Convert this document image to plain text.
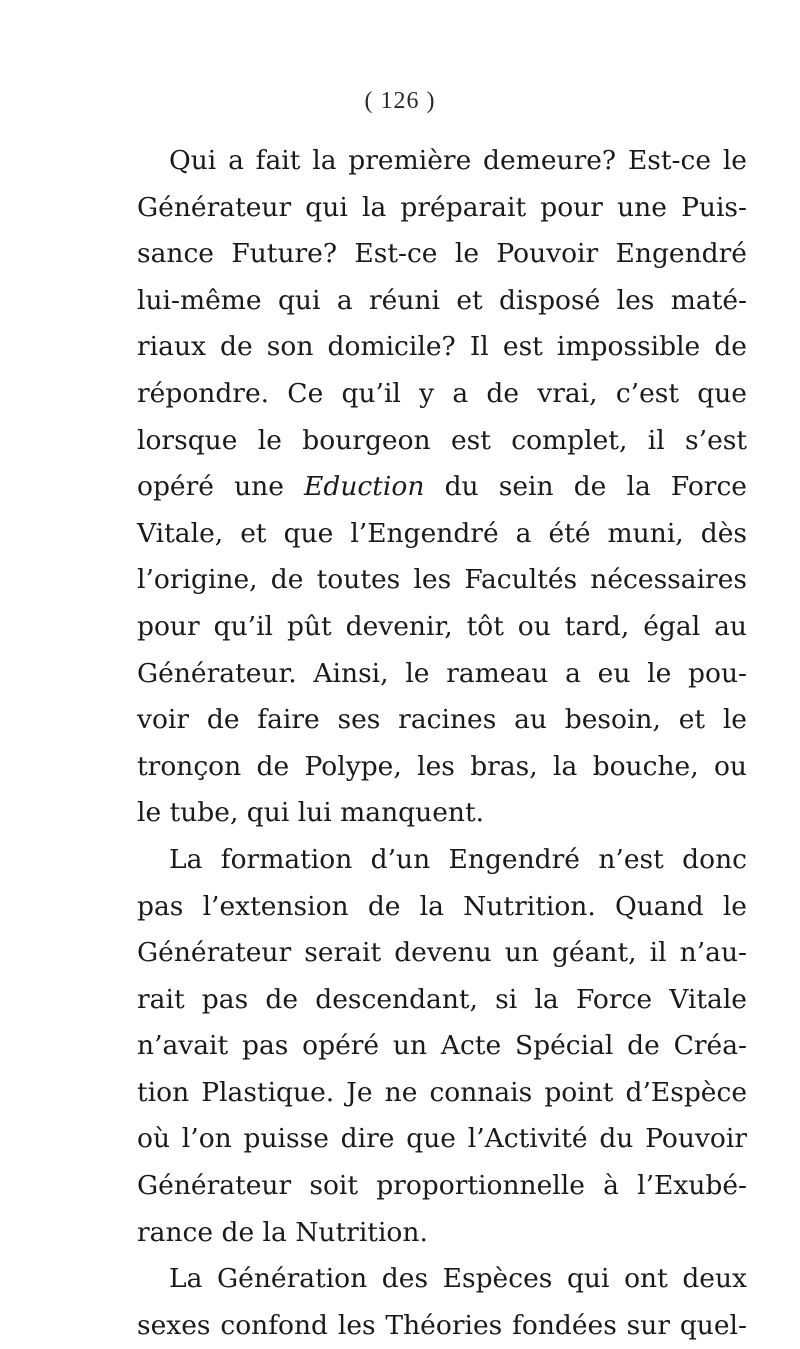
( 126 )
Qui a fait la première demeure? Est-ce le
Générateur qui la préparait pour une Puis-
sance Future? Est-ce le Pouvoir Engendré
lui-même qui a réuni et disposé les maté-
riaux de son domicile? Il est impossible de
répondre. Ce qu’il y a de vrai, c’est que
lorsque le bourgeon est complet, il s’est
opéré une Eduction du sein de la Force
Vitale, et que l’Engendré a été muni, dès
l’origine, de toutes les Facultés nécessaires
pour qu’il pût devenir, tôt ou tard, égal au
Générateur. Ainsi, le rameau a eu le pou-
voir de faire ses racines au besoin, et le
tronçon de Polype, les bras, la bouche, ou
le tube, qui lui manquent.
La formation d’un Engendré n’est donc
pas l’extension de la Nutrition. Quand le
Générateur serait devenu un géant, il n’au-
rait pas de descendant, si la Force Vitale
n’avait pas opéré un Acte Spécial de Créa-
tion Plastique. Je ne connais point d’Espèce
où l’on puisse dire que l’Activité du Pouvoir
Générateur soit proportionnelle à l’Exubé-
rance de la Nutrition.
La Génération des Espèces qui ont deux
sexes confond les Théories fondées sur quel-
